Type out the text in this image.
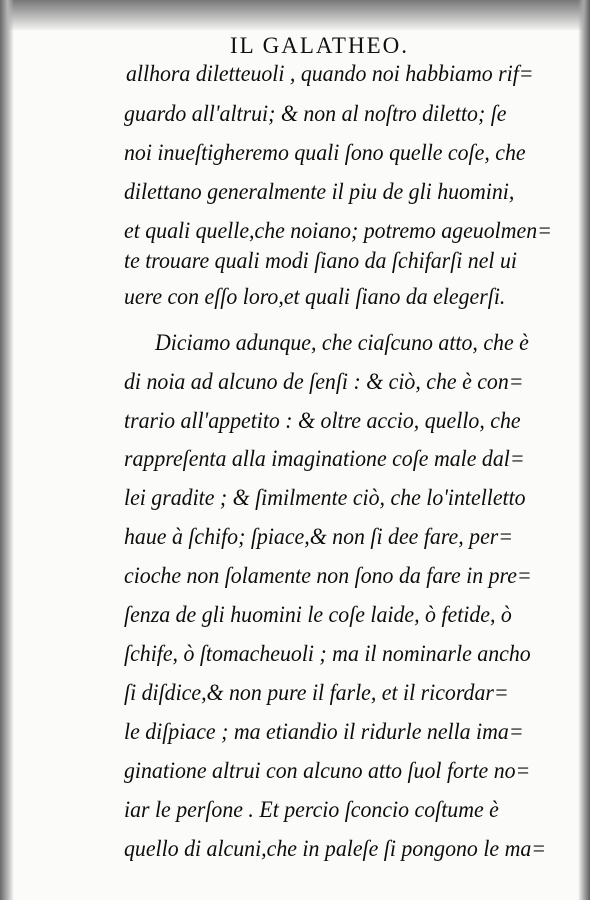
IL GALATHEO.
allhora diletteuoli , quando noi habbiamo rif=
guardo all'altrui; & non al noſtro diletto; ſe
noi inueſtigheremo quali ſono quelle coſe, che
dilettano generalmente il piu de gli huomini,
et quali quelle,che noiano; potremo ageuolmen=
te trouare quali modi ſiano da ſchifarſi nel ui
uere con eſſo loro,et quali ſiano da elegerſi.
Diciamo adunque, che ciaſcuno atto, che è
di noia ad alcuno de ſenſi : & ciò, che è con=
trario all'appetito : & oltre accio, quello, che
rappreſenta alla imaginatione coſe male dal=
lei gradite ; & ſimilmente ciò, che lo'intelletto
haue à ſchifo; ſpiace,& non ſi dee fare, per=
cioche non ſolamente non ſono da fare in pre=
ſenza de gli huomini le coſe laide, ò fetide, ò
ſchife, ò ſtomacheuoli ; ma il nominarle ancho
ſi diſdice,& non pure il farle, et il ricordar=
le diſpiace ; ma etiandio il ridurle nella ima=
ginatione altrui con alcuno atto ſuol forte no=
iar le perſone . Et percio ſconcio coſtume è
quello di alcuni,che in paleſe ſi pongono le ma=
